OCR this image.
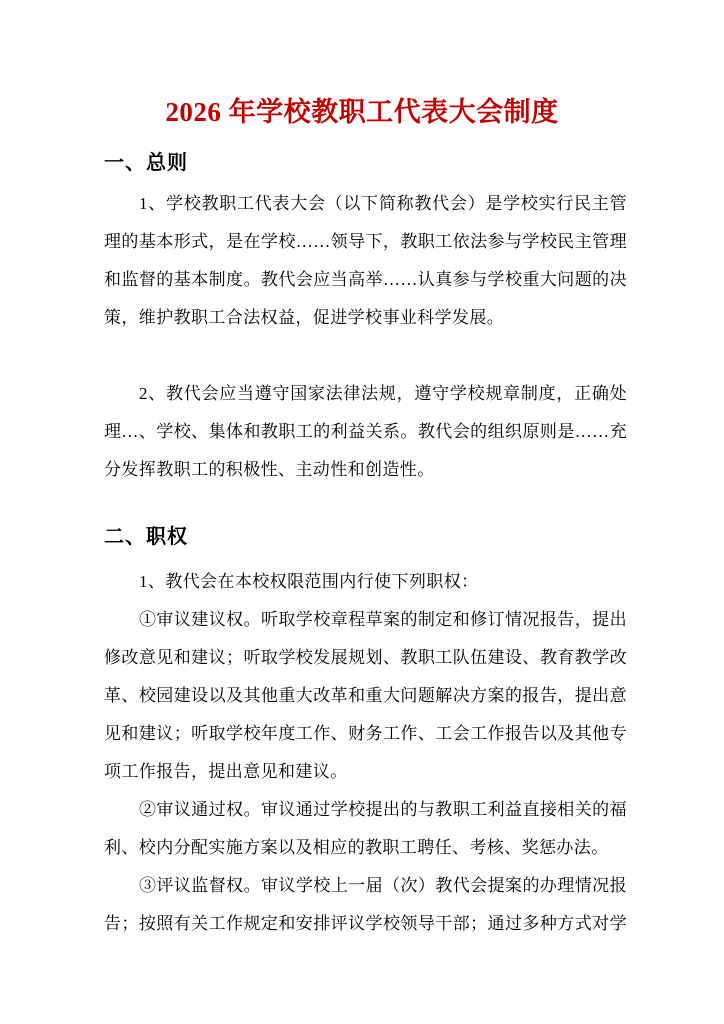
2026 年学校教职工代表大会制度
一、总则
1、学校教职工代表大会（以下简称教代会）是学校实行民主管
理的基本形式，是在学校……领导下，教职工依法参与学校民主管理
和监督的基本制度。教代会应当高举……认真参与学校重大问题的决
策，维护教职工合法权益，促进学校事业科学发展。
2、教代会应当遵守国家法律法规，遵守学校规章制度，正确处
理…、学校、集体和教职工的利益关系。教代会的组织原则是……充
分发挥教职工的积极性、主动性和创造性。
二、职权
1、教代会在本校权限范围内行使下列职权：
①审议建议权。听取学校章程草案的制定和修订情况报告，提出
修改意见和建议；听取学校发展规划、教职工队伍建设、教育教学改
革、校园建设以及其他重大改革和重大问题解决方案的报告，提出意
见和建议；听取学校年度工作、财务工作、工会工作报告以及其他专
项工作报告，提出意见和建议。
②审议通过权。审议通过学校提出的与教职工利益直接相关的福
利、校内分配实施方案以及相应的教职工聘任、考核、奖惩办法。
③评议监督权。审议学校上一届（次）教代会提案的办理情况报
告；按照有关工作规定和安排评议学校领导干部；通过多种方式对学
